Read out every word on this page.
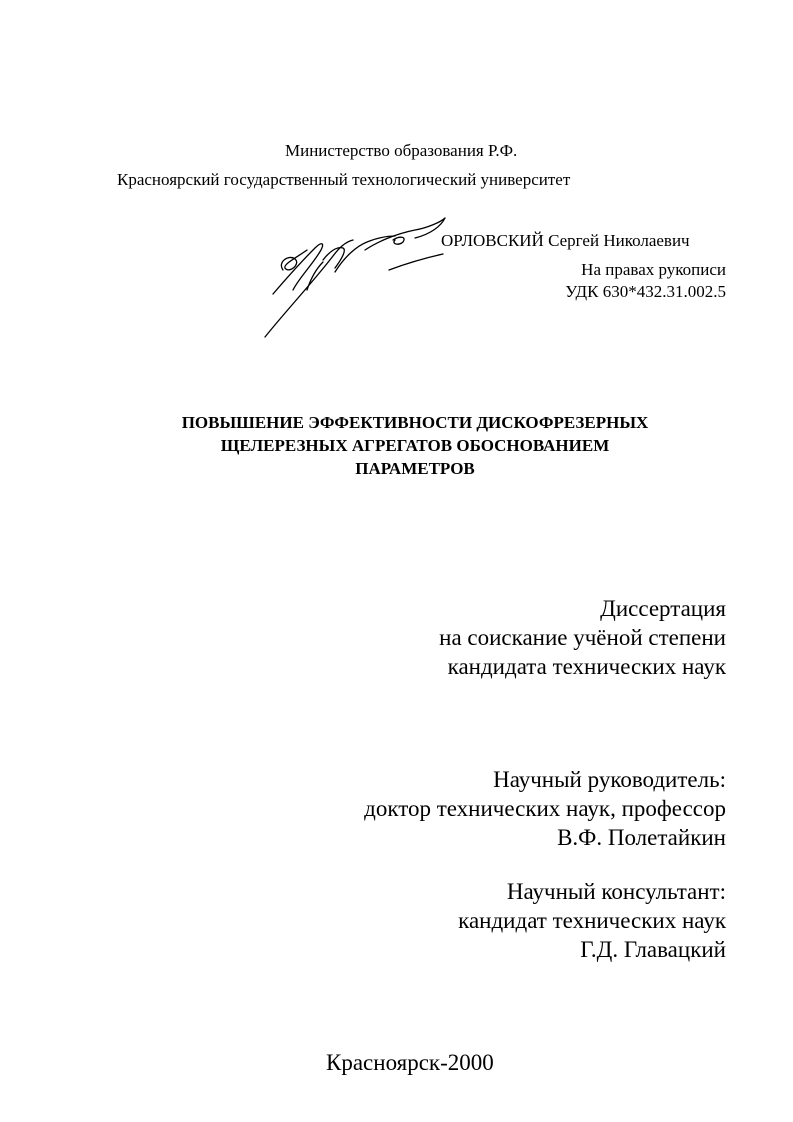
Министерство образования Р.Ф.
Красноярский государственный технологический университет
ОРЛОВСКИЙ Сергей Николаевич
На правах рукописи
УДК 630*432.31.002.5
ПОВЫШЕНИЕ ЭФФЕКТИВНОСТИ ДИСКОФРЕЗЕРНЫХ
ЩЕЛЕРЕЗНЫХ АГРЕГАТОВ ОБОСНОВАНИЕМ
ПАРАМЕТРОВ
Диссертация
на соискание учёной степени
кандидата технических наук
Научный руководитель:
доктор технических наук, профессор
В.Ф. Полетайкин
Научный консультант:
кандидат технических наук
Г.Д. Главацкий
Красноярск-2000
